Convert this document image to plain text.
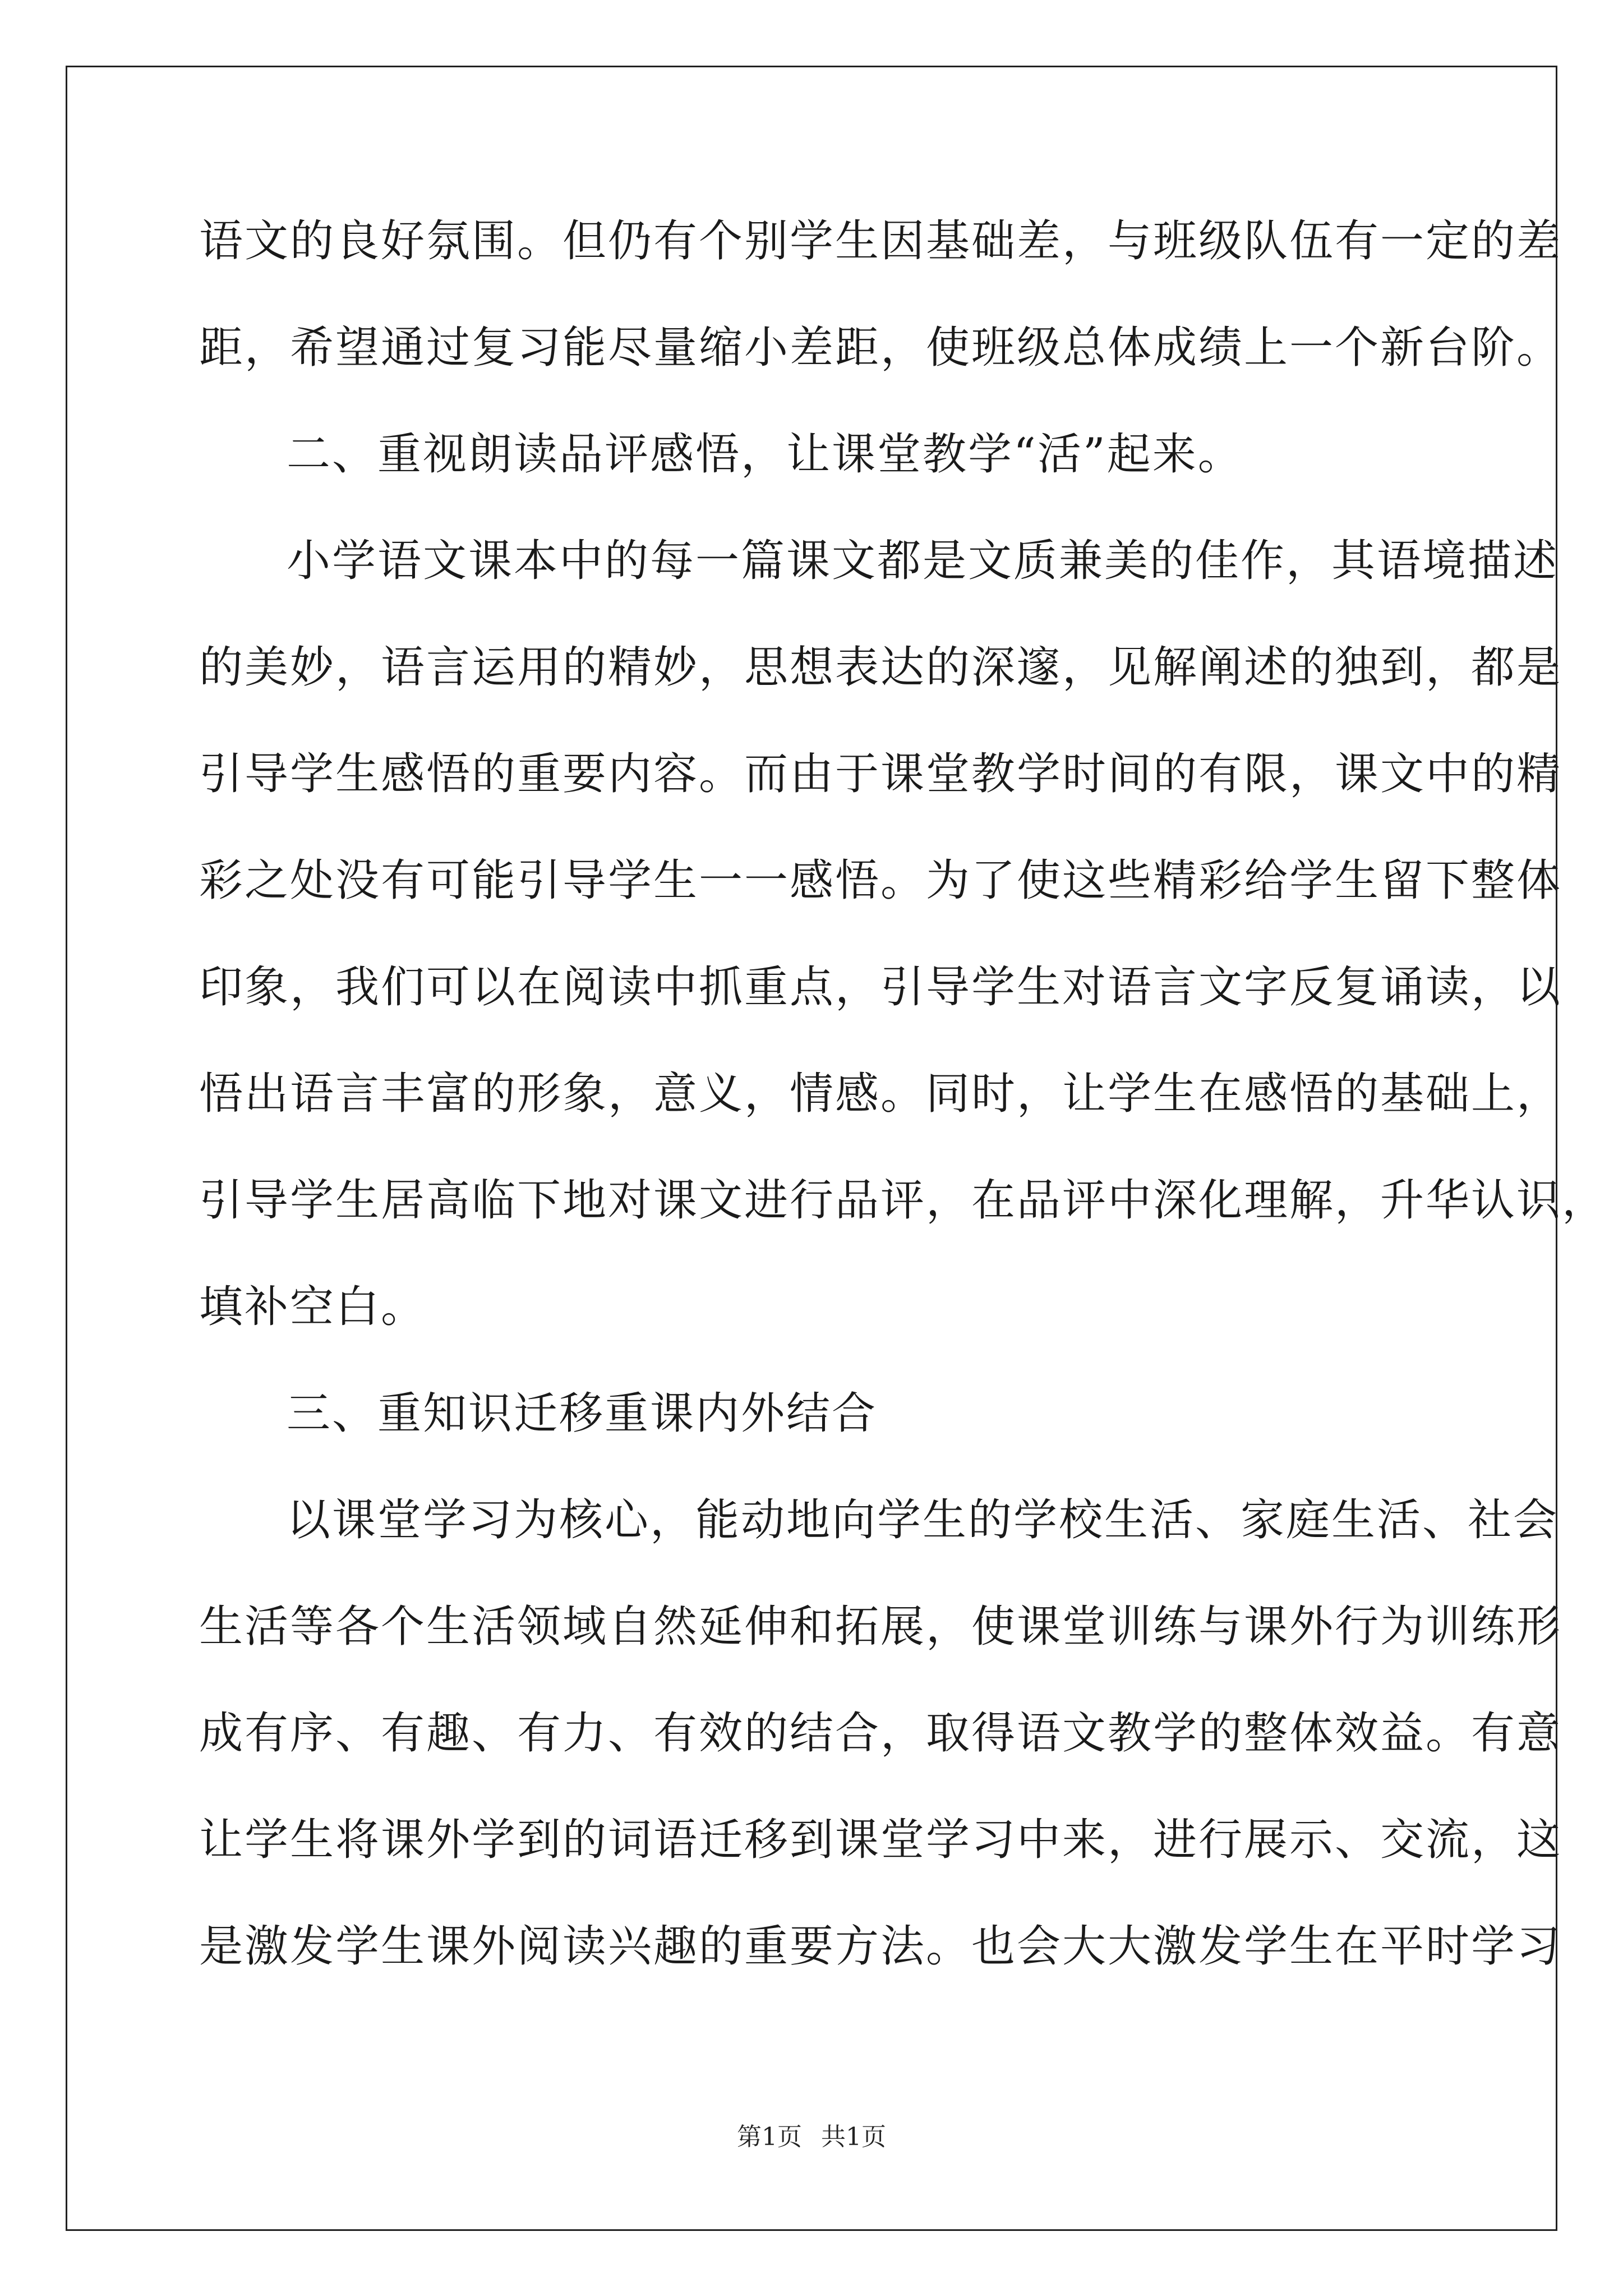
语文的良好氛围。但仍有个别学生因基础差，与班级队伍有一定的差
距，希望通过复习能尽量缩小差距，使班级总体成绩上一个新台阶。
二、重视朗读品评感悟，让课堂教学“活”起来。
小学语文课本中的每一篇课文都是文质兼美的佳作，其语境描述
的美妙，语言运用的精妙，思想表达的深邃，见解阐述的独到，都是
引导学生感悟的重要内容。而由于课堂教学时间的有限，课文中的精
彩之处没有可能引导学生一一感悟。为了使这些精彩给学生留下整体
印象，我们可以在阅读中抓重点，引导学生对语言文字反复诵读，以
悟出语言丰富的形象，意义，情感。同时，让学生在感悟的基础上，
引导学生居高临下地对课文进行品评，在品评中深化理解，升华认识，
填补空白。
三、重知识迁移重课内外结合
以课堂学习为核心，能动地向学生的学校生活、家庭生活、社会
生活等各个生活领域自然延伸和拓展，使课堂训练与课外行为训练形
成有序、有趣、有力、有效的结合，取得语文教学的整体效益。有意
让学生将课外学到的词语迁移到课堂学习中来，进行展示、交流，这
是激发学生课外阅读兴趣的重要方法。也会大大激发学生在平时学习
第1页 共1页
